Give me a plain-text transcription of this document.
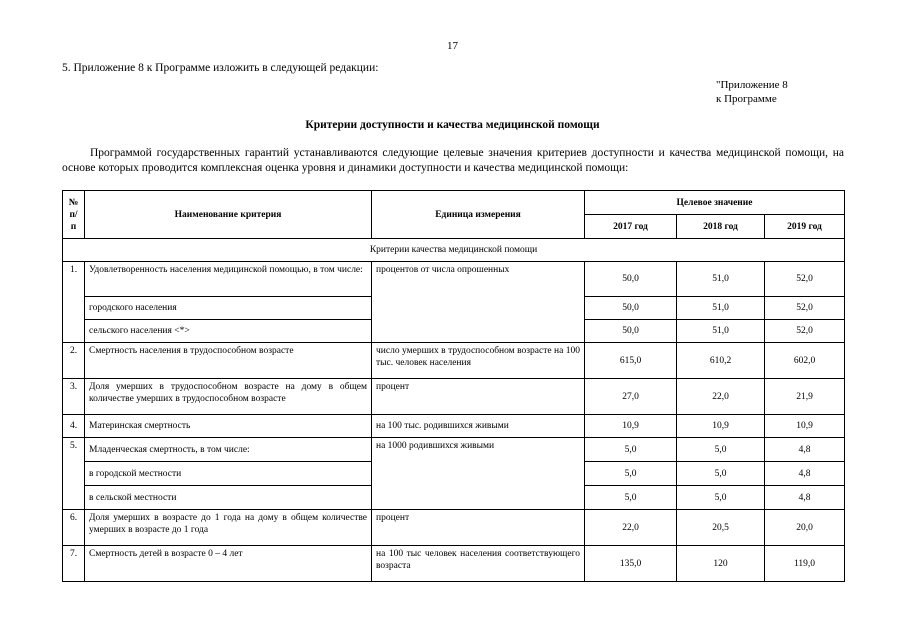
17
5. Приложение 8 к Программе изложить в следующей редакции:
"Приложение 8
к Программе
Критерии доступности и качества медицинской помощи
Программой государственных гарантий устанавливаются следующие целевые значения критериев доступности и качества медицинской помощи, на основе которых проводится комплексная оценка уровня и динамики доступности и качества медицинской помощи:
№ п/п	Наименование критерия	Единица измерения	Целевое значение		
			2017 год	2018 год	2019 год
Критерии качества медицинской помощи					
1.	Удовлетворенность населения медицинской помощью, в том числе:	процентов от числа опрошенных	50,0	51,0	52,0
	городского населения		50,0	51,0	52,0
	сельского населения <*>		50,0	51,0	52,0
2.	Смертность населения в трудоспособном возрасте	число умерших в трудоспособном возрасте на 100 тыс. человек населения	615,0	610,2	602,0
3.	Доля умерших в трудоспособном возрасте на дому в общем количестве умерших в трудоспособном возрасте	процент	27,0	22,0	21,9
4.	Материнская смертность	на 100 тыс. родившихся живыми	10,9	10,9	10,9
5.	Младенческая смертность, в том числе:	на 1000 родившихся живыми	5,0	5,0	4,8
	в городской местности		5,0	5,0	4,8
	в сельской местности		5,0	5,0	4,8
6.	Доля умерших в возрасте до 1 года на дому в общем количестве умерших в возрасте до 1 года	процент	22,0	20,5	20,0
7.	Смертность детей в возрасте 0 – 4 лет	на 100 тыс человек населения соответствующего возраста	135,0	120	119,0
